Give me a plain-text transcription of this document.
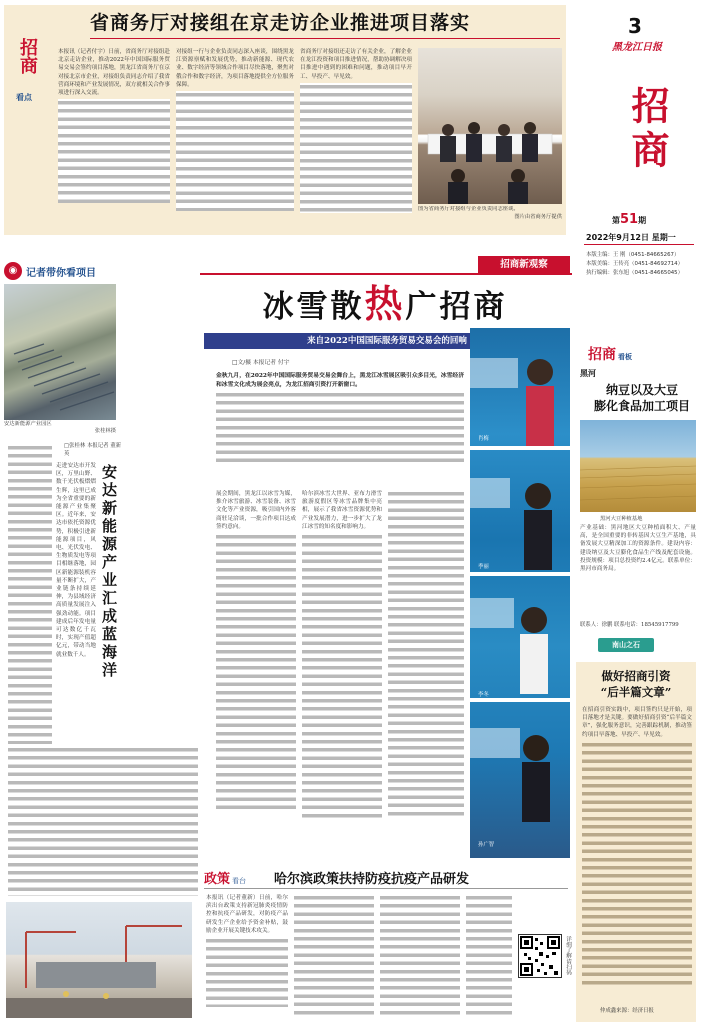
省商务厅对接组在京走访企业推进项目落实
招商
看点
本报讯（记者付宇）日前，省商务厅对接组赴北京走访企业，推动2022年中国国际服务贸易交易会签约项目落地，黑龙江省商务厅在京对接北京市企业，对接组负责同志介绍了我省营商环境和产业发展情况，双方就相关合作事项进行深入交流。
对接组一行与企业负责同志深入座谈，围绕黑龙江资源禀赋和发展优势，推动新能源、现代农业、数字经济等领域合作项目尽快落地，聚焦对俄合作和数字经济，为项目落地提供全方位服务保障。
省商务厅对接组还走访了有关企业，了解企业在龙江投资和项目推进情况，帮助协调解决项目推进中遇到的困难和问题，推动项目早开工、早投产、早见效。
图为省商务厅对接组与企业负责同志座谈。
图片由省商务厅提供
3
黑龙江日报
招商
第51期
2022年9月12日 星期一
本版主编：王 刚（0451-84665267）
本版美编：王传亮（0451-84692714）
执行编辑：张东旭（0451-84665045）
◉ 记者带你看项目
安达新能源产业园区
张桂林摄
□张桂林 本报记者 董新英
安达新能源产业汇成蓝海洋
走进安达市开发区，万里山野、数千光伏板熠熠生辉，这里已成为全省重要的新能源产业集聚区。近年来，安达市依托资源优势，积极引进新能源项目，风电、光伏发电、生物质发电等项目相继落地，园区新能源装机容量不断扩大，产业链条持续延伸，为县域经济高质量发展注入强劲动能。项目建成后年发电量可达数亿千瓦时，实现产值超亿元，带动当地就业数千人。
招商新观察
冰雪散热广招商
来自2022中国国际服务贸易交易会的回响
□文/摄 本报记者 付宇
金秋九月，在2022年中国国际服务贸易交易会舞台上，黑龙江冰雪展区吸引众多目光，冰雪经济和冰雪文化成为展会亮点，为龙江招商引资打开新窗口。
展会期间，黑龙江以冰雪为媒，推介冰雪旅游、冰雪装备、冰雪文化等产业资源，吸引国内外客商驻足洽谈，一批合作项目达成签约意向。
哈尔滨冰雪大世界、亚布力滑雪旅游度假区等冰雪品牌集中亮相，展示了我省冰雪资源优势和产业发展潜力，进一步扩大了龙江冰雪的知名度和影响力。
肖梅
季丽
李冬
孙广智
招商 看板
黑河
纳豆以及大豆
膨化食品加工项目
黑河大豆种植基地
产业基础：黑河地区大豆种植面积大、产量高，是全国重要的非转基因大豆生产基地，具备发展大豆精深加工的资源条件。建设内容：建设纳豆及大豆膨化食品生产线及配套设施。投资规模：项目总投资约2.4亿元。联系单位：黑河市商务局。
联系人：徐鹏 联系电话：18545917799
南山之石
做好招商引资
“后半篇文章”
在招商引资实践中，项目签约只是开始，项目落地才是关键。要做好招商引资“后半篇文章”，强化服务意识，完善跟踪机制，推动签约项目早落地、早投产、早见效。
仲成鑫来源：经济日报
政策 看台	哈尔滨政策扶持防疫抗疫产品研发
本报讯（记者董新）日前，哈尔滨出台政策支持新冠肺炎疫情防控和抗疫产品研发，对防疫产品研发生产企业给予资金补贴，鼓励企业开展关键技术攻关。
详细了解请扫码
